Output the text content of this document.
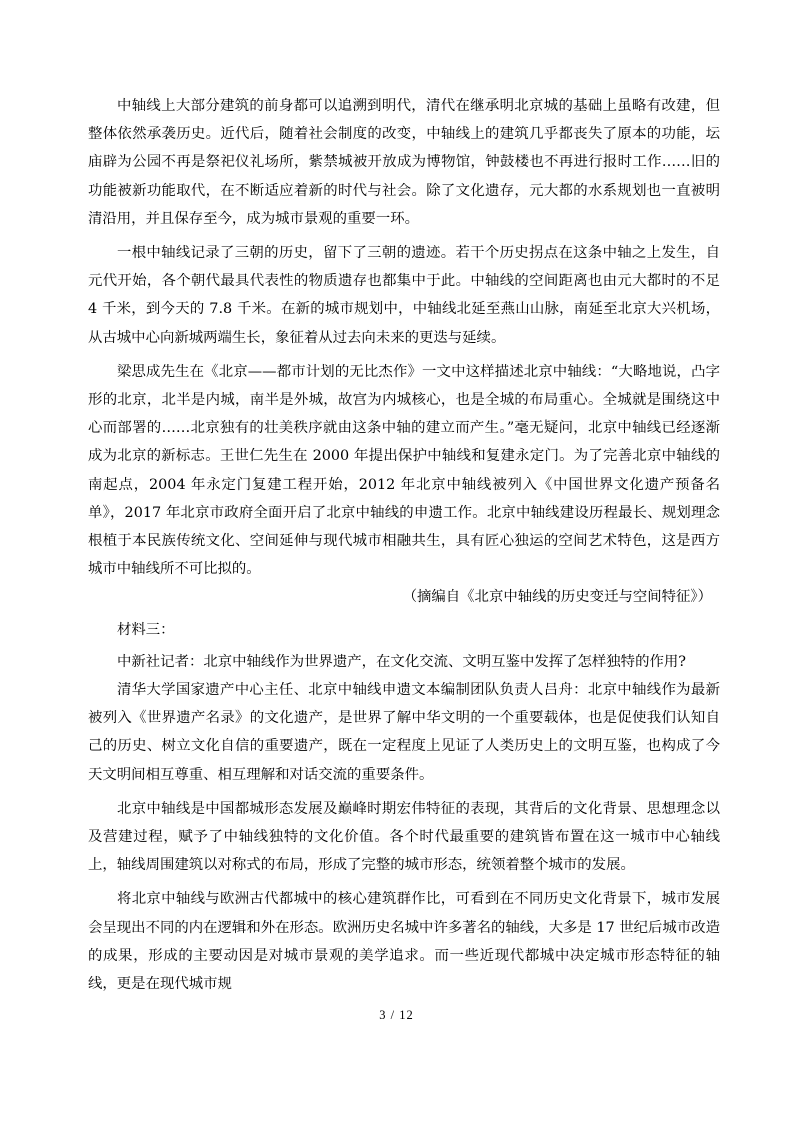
中轴线上大部分建筑的前身都可以追溯到明代，清代在继承明北京城的基础上虽略有改建，但整体依然承袭历史。近代后，随着社会制度的改变，中轴线上的建筑几乎都丧失了原本的功能，坛庙辟为公园不再是祭祀仪礼场所，紫禁城被开放成为博物馆，钟鼓楼也不再进行报时工作……旧的功能被新功能取代，在不断适应着新的时代与社会。除了文化遗存，元大都的水系规划也一直被明清沿用，并且保存至今，成为城市景观的重要一环。

一根中轴线记录了三朝的历史，留下了三朝的遗迹。若干个历史拐点在这条中轴之上发生，自元代开始，各个朝代最具代表性的物质遗存也都集中于此。中轴线的空间距离也由元大都时的不足 4 千米，到今天的 7.8 千米。在新的城市规划中，中轴线北延至燕山山脉，南延至北京大兴机场，从古城中心向新城两端生长，象征着从过去向未来的更迭与延续。

梁思成先生在《北京——都市计划的无比杰作》一文中这样描述北京中轴线：“大略地说，凸字形的北京，北半是内城，南半是外城，故宫为内城核心，也是全城的布局重心。全城就是围绕这中心而部署的……北京独有的壮美秩序就由这条中轴的建立而产生。”毫无疑问，北京中轴线已经逐渐成为北京的新标志。王世仁先生在 2000 年提出保护中轴线和复建永定门。为了完善北京中轴线的南起点，2004 年永定门复建工程开始，2012 年北京中轴线被列入《中国世界文化遗产预备名单》，2017 年北京市政府全面开启了北京中轴线的申遗工作。北京中轴线建设历程最长、规划理念根植于本民族传统文化、空间延伸与现代城市相融共生，具有匠心独运的空间艺术特色，这是西方城市中轴线所不可比拟的。

（摘编自《北京中轴线的历史变迁与空间特征》）

材料三：

中新社记者：北京中轴线作为世界遗产，在文化交流、文明互鉴中发挥了怎样独特的作用?

清华大学国家遗产中心主任、北京中轴线申遗文本编制团队负责人吕舟：北京中轴线作为最新被列入《世界遗产名录》的文化遗产，是世界了解中华文明的一个重要载体，也是促使我们认知自己的历史、树立文化自信的重要遗产，既在一定程度上见证了人类历史上的文明互鉴，也构成了今天文明间相互尊重、相互理解和对话交流的重要条件。

北京中轴线是中国都城形态发展及巅峰时期宏伟特征的表现，其背后的文化背景、思想理念以及营建过程，赋予了中轴线独特的文化价值。各个时代最重要的建筑皆布置在这一城市中心轴线上，轴线周围建筑以对称式的布局，形成了完整的城市形态，统领着整个城市的发展。

将北京中轴线与欧洲古代都城中的核心建筑群作比，可看到在不同历史文化背景下，城市发展会呈现出不同的内在逻辑和外在形态。欧洲历史名城中许多著名的轴线，大多是 17 世纪后城市改造的成果，形成的主要动因是对城市景观的美学追求。而一些近现代都城中决定城市形态特征的轴线，更是在现代城市规

3 / 12
